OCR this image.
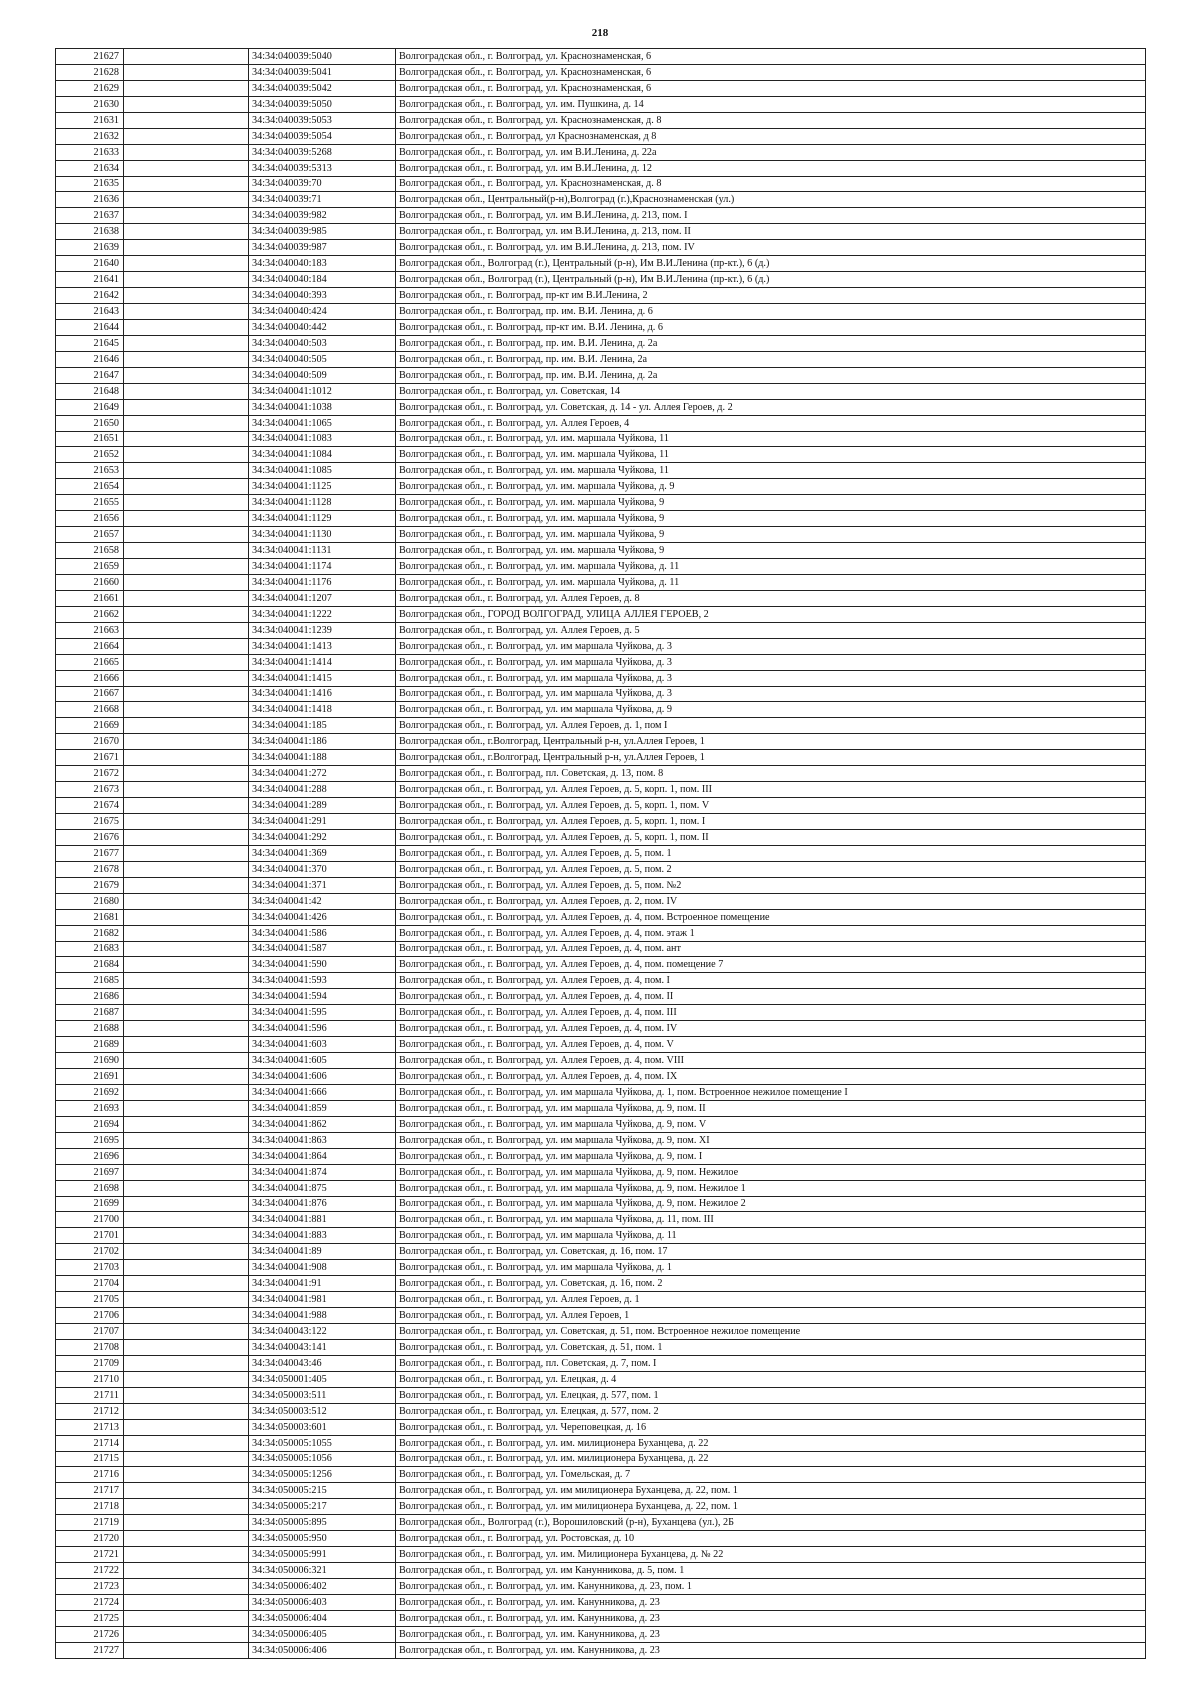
218
21627		34:34:040039:5040	Волгоградская обл., г. Волгоград, ул. Краснознаменская, 6
21628		34:34:040039:5041	Волгоградская обл., г. Волгоград, ул. Краснознаменская, 6
21629		34:34:040039:5042	Волгоградская обл., г. Волгоград, ул. Краснознаменская, 6
21630		34:34:040039:5050	Волгоградская обл., г. Волгоград, ул. им. Пушкина, д. 14
21631		34:34:040039:5053	Волгоградская обл., г. Волгоград, ул. Краснознаменская, д. 8
21632		34:34:040039:5054	Волгоградская обл., г. Волгоград, ул Краснознаменская, д 8
21633		34:34:040039:5268	Волгоградская обл., г. Волгоград, ул. им В.И.Ленина, д. 22а
21634		34:34:040039:5313	Волгоградская обл., г. Волгоград, ул. им В.И.Ленина, д. 12
21635		34:34:040039:70	Волгоградская обл., г. Волгоград, ул. Краснознаменская, д. 8
21636		34:34:040039:71	Волгоградская обл., Центральный(р-н),Волгоград (г.),Краснознаменская (ул.)
21637		34:34:040039:982	Волгоградская обл., г. Волгоград, ул. им В.И.Ленина, д. 213, пом. I
21638		34:34:040039:985	Волгоградская обл., г. Волгоград, ул. им В.И.Ленина, д. 213, пом. II
21639		34:34:040039:987	Волгоградская обл., г. Волгоград, ул. им В.И.Ленина, д. 213, пом. IV
21640		34:34:040040:183	Волгоградская обл., Волгоград (г.), Центральный (р-н), Им В.И.Ленина (пр-кт.), 6 (д.)
21641		34:34:040040:184	Волгоградская обл., Волгоград (г.), Центральный (р-н), Им В.И.Ленина (пр-кт.), 6 (д.)
21642		34:34:040040:393	Волгоградская обл., г. Волгоград, пр-кт им В.И.Ленина, 2
21643		34:34:040040:424	Волгоградская обл., г. Волгоград, пр. им. В.И. Ленина, д. 6
21644		34:34:040040:442	Волгоградская обл., г. Волгоград, пр-кт им. В.И. Ленина, д. 6
21645		34:34:040040:503	Волгоградская обл., г. Волгоград, пр. им. В.И. Ленина, д. 2а
21646		34:34:040040:505	Волгоградская обл., г. Волгоград, пр. им. В.И. Ленина, 2а
21647		34:34:040040:509	Волгоградская обл., г. Волгоград, пр. им. В.И. Ленина, д. 2а
21648		34:34:040041:1012	Волгоградская обл., г. Волгоград, ул. Советская, 14
21649		34:34:040041:1038	Волгоградская обл., г. Волгоград, ул. Советская, д. 14 - ул. Аллея Героев, д. 2
21650		34:34:040041:1065	Волгоградская обл., г. Волгоград, ул. Аллея Героев, 4
21651		34:34:040041:1083	Волгоградская обл., г. Волгоград, ул. им. маршала Чуйкова, 11
21652		34:34:040041:1084	Волгоградская обл., г. Волгоград, ул. им. маршала Чуйкова, 11
21653		34:34:040041:1085	Волгоградская обл., г. Волгоград, ул. им. маршала Чуйкова, 11
21654		34:34:040041:1125	Волгоградская обл., г. Волгоград, ул. им. маршала Чуйкова, д. 9
21655		34:34:040041:1128	Волгоградская обл., г. Волгоград, ул. им. маршала Чуйкова, 9
21656		34:34:040041:1129	Волгоградская обл., г. Волгоград, ул. им. маршала Чуйкова, 9
21657		34:34:040041:1130	Волгоградская обл., г. Волгоград, ул. им. маршала Чуйкова, 9
21658		34:34:040041:1131	Волгоградская обл., г. Волгоград, ул. им. маршала Чуйкова, 9
21659		34:34:040041:1174	Волгоградская обл., г. Волгоград, ул. им. маршала Чуйкова, д. 11
21660		34:34:040041:1176	Волгоградская обл., г. Волгоград, ул. им. маршала Чуйкова, д. 11
21661		34:34:040041:1207	Волгоградская обл., г. Волгоград, ул. Аллея Героев, д. 8
21662		34:34:040041:1222	Волгоградская обл., ГОРОД ВОЛГОГРАД, УЛИЦА АЛЛЕЯ ГЕРОЕВ, 2
21663		34:34:040041:1239	Волгоградская обл., г. Волгоград, ул. Аллея Героев, д. 5
21664		34:34:040041:1413	Волгоградская обл., г. Волгоград, ул. им маршала Чуйкова, д. 3
21665		34:34:040041:1414	Волгоградская обл., г. Волгоград, ул. им маршала Чуйкова, д. 3
21666		34:34:040041:1415	Волгоградская обл., г. Волгоград, ул. им маршала Чуйкова, д. 3
21667		34:34:040041:1416	Волгоградская обл., г. Волгоград, ул. им маршала Чуйкова, д. 3
21668		34:34:040041:1418	Волгоградская обл., г. Волгоград, ул. им маршала Чуйкова, д. 9
21669		34:34:040041:185	Волгоградская обл., г. Волгоград, ул. Аллея Героев, д. 1, пом I
21670		34:34:040041:186	Волгоградская обл., г.Волгоград, Центральный р-н, ул.Аллея Героев, 1
21671		34:34:040041:188	Волгоградская обл., г.Волгоград, Центральный р-н, ул.Аллея Героев, 1
21672		34:34:040041:272	Волгоградская обл., г. Волгоград, пл. Советская, д. 13, пом. 8
21673		34:34:040041:288	Волгоградская обл., г. Волгоград, ул. Аллея Героев, д. 5, корп. 1, пом. III
21674		34:34:040041:289	Волгоградская обл., г. Волгоград, ул. Аллея Героев, д. 5, корп. 1, пом. V
21675		34:34:040041:291	Волгоградская обл., г. Волгоград, ул. Аллея Героев, д. 5, корп. 1, пом. I
21676		34:34:040041:292	Волгоградская обл., г. Волгоград, ул. Аллея Героев, д. 5, корп. 1, пом. II
21677		34:34:040041:369	Волгоградская обл., г. Волгоград, ул. Аллея Героев, д. 5, пом. 1
21678		34:34:040041:370	Волгоградская обл., г. Волгоград, ул. Аллея Героев, д. 5, пом. 2
21679		34:34:040041:371	Волгоградская обл., г. Волгоград, ул. Аллея Героев, д. 5, пом. №2
21680		34:34:040041:42	Волгоградская обл., г. Волгоград, ул. Аллея Героев, д. 2, пом. IV
21681		34:34:040041:426	Волгоградская обл., г. Волгоград, ул. Аллея Героев, д. 4, пом. Встроенное помещение
21682		34:34:040041:586	Волгоградская обл., г. Волгоград, ул. Аллея Героев, д. 4, пом. этаж 1
21683		34:34:040041:587	Волгоградская обл., г. Волгоград, ул. Аллея Героев, д. 4, пом. ант
21684		34:34:040041:590	Волгоградская обл., г. Волгоград, ул. Аллея Героев, д. 4, пом. помещение 7
21685		34:34:040041:593	Волгоградская обл., г. Волгоград, ул. Аллея Героев, д. 4, пом. I
21686		34:34:040041:594	Волгоградская обл., г. Волгоград, ул. Аллея Героев, д. 4, пом. II
21687		34:34:040041:595	Волгоградская обл., г. Волгоград, ул. Аллея Героев, д. 4, пом. III
21688		34:34:040041:596	Волгоградская обл., г. Волгоград, ул. Аллея Героев, д. 4, пом. IV
21689		34:34:040041:603	Волгоградская обл., г. Волгоград, ул. Аллея Героев, д. 4, пом. V
21690		34:34:040041:605	Волгоградская обл., г. Волгоград, ул. Аллея Героев, д. 4, пом. VIII
21691		34:34:040041:606	Волгоградская обл., г. Волгоград, ул. Аллея Героев, д. 4, пом. IX
21692		34:34:040041:666	Волгоградская обл., г. Волгоград, ул. им маршала Чуйкова, д. 1, пом. Встроенное нежилое помещение I
21693		34:34:040041:859	Волгоградская обл., г. Волгоград, ул. им маршала Чуйкова, д. 9, пом. II
21694		34:34:040041:862	Волгоградская обл., г. Волгоград, ул. им маршала Чуйкова, д. 9, пом. V
21695		34:34:040041:863	Волгоградская обл., г. Волгоград, ул. им маршала Чуйкова, д. 9, пом. XI
21696		34:34:040041:864	Волгоградская обл., г. Волгоград, ул. им маршала Чуйкова, д. 9, пом. I
21697		34:34:040041:874	Волгоградская обл., г. Волгоград, ул. им маршала Чуйкова, д. 9, пом. Нежилое
21698		34:34:040041:875	Волгоградская обл., г. Волгоград, ул. им маршала Чуйкова, д. 9, пом. Нежилое 1
21699		34:34:040041:876	Волгоградская обл., г. Волгоград, ул. им маршала Чуйкова, д. 9, пом. Нежилое 2
21700		34:34:040041:881	Волгоградская обл., г. Волгоград, ул. им маршала Чуйкова, д. 11, пом. III
21701		34:34:040041:883	Волгоградская обл., г. Волгоград, ул. им маршала Чуйкова, д. 11
21702		34:34:040041:89	Волгоградская обл., г. Волгоград, ул. Советская, д. 16, пом. 17
21703		34:34:040041:908	Волгоградская обл., г. Волгоград, ул. им маршала Чуйкова, д. 1
21704		34:34:040041:91	Волгоградская обл., г. Волгоград, ул. Советская, д. 16, пом. 2
21705		34:34:040041:981	Волгоградская обл., г. Волгоград, ул. Аллея Героев, д. 1
21706		34:34:040041:988	Волгоградская обл., г. Волгоград, ул. Аллея Героев, 1
21707		34:34:040043:122	Волгоградская обл., г. Волгоград, ул. Советская, д. 51, пом. Встроенное нежилое помещение
21708		34:34:040043:141	Волгоградская обл., г. Волгоград, ул. Советская, д. 51, пом. 1
21709		34:34:040043:46	Волгоградская обл., г. Волгоград, пл. Советская, д. 7, пом. I
21710		34:34:050001:405	Волгоградская обл., г. Волгоград, ул. Елецкая, д. 4
21711		34:34:050003:511	Волгоградская обл., г. Волгоград, ул. Елецкая, д. 577, пом. 1
21712		34:34:050003:512	Волгоградская обл., г. Волгоград, ул. Елецкая, д. 577, пом. 2
21713		34:34:050003:601	Волгоградская обл., г. Волгоград, ул. Череповецкая, д. 16
21714		34:34:050005:1055	Волгоградская обл., г. Волгоград, ул. им. милиционера Буханцева, д. 22
21715		34:34:050005:1056	Волгоградская обл., г. Волгоград, ул. им. милиционера Буханцева, д. 22
21716		34:34:050005:1256	Волгоградская обл., г. Волгоград, ул. Гомельская, д. 7
21717		34:34:050005:215	Волгоградская обл., г. Волгоград, ул. им милиционера Буханцева, д. 22, пом. 1
21718		34:34:050005:217	Волгоградская обл., г. Волгоград, ул. им милиционера Буханцева, д. 22, пом. 1
21719		34:34:050005:895	Волгоградская обл., Волгоград (г.), Ворошиловский (р-н), Буханцева (ул.), 2Б
21720		34:34:050005:950	Волгоградская обл., г. Волгоград, ул. Ростовская, д. 10
21721		34:34:050005:991	Волгоградская обл., г. Волгоград, ул. им. Милиционера Буханцева, д. № 22
21722		34:34:050006:321	Волгоградская обл., г. Волгоград, ул. им Канунникова, д. 5, пом. 1
21723		34:34:050006:402	Волгоградская обл., г. Волгоград, ул. им. Канунникова, д. 23, пом. 1
21724		34:34:050006:403	Волгоградская обл., г. Волгоград, ул. им. Канунникова, д. 23
21725		34:34:050006:404	Волгоградская обл., г. Волгоград, ул. им. Канунникова, д. 23
21726		34:34:050006:405	Волгоградская обл., г. Волгоград, ул. им. Канунникова, д. 23
21727		34:34:050006:406	Волгоградская обл., г. Волгоград, ул. им. Канунникова, д. 23
